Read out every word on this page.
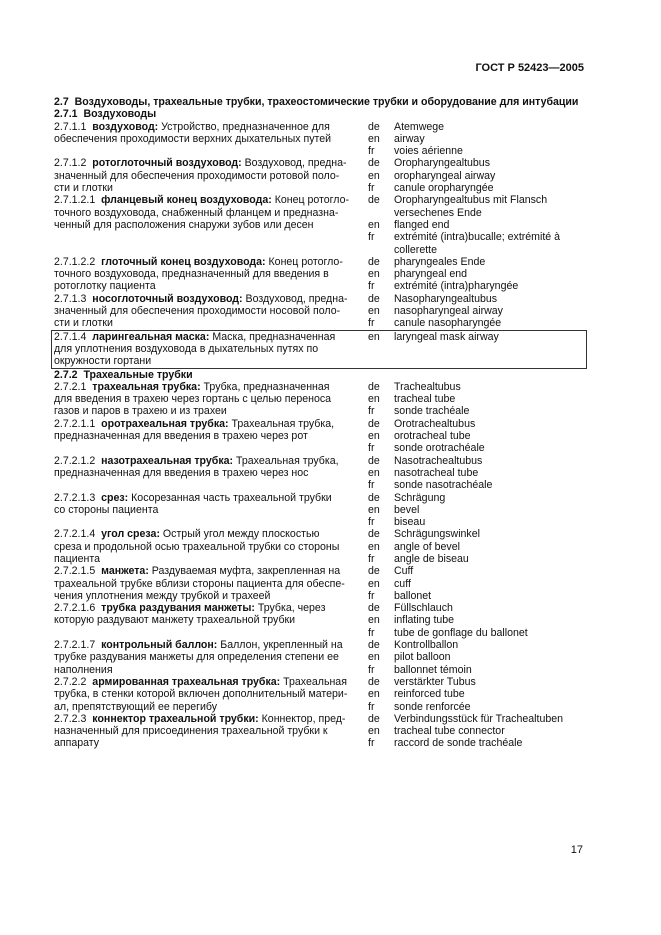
ГОСТ Р 52423—2005
2.7 Воздуховоды, трахеальные трубки, трахеостомические трубки и оборудование для интубации
2.7.1 Воздуховоды
2.7.1.1  воздуховод: Устройство, предназначенное для
обеспечения проходимости верхних дыхательных путей

de	Atemwege
en	airway
fr	voies aérienne
2.7.1.2  ротоглоточный воздуховод: Воздуховод, предна-
значенный для обеспечения проходимости ротовой поло-
сти и глотки
de	Oropharyngealtubus
en	oropharyngeal airway
fr	canule oropharyngée
2.7.1.2.1  фланцевый конец воздуховода: Конец ротогло-
точного воздуховода, снабженный фланцем и предназна-
ченный для расположения снаружи зубов или десен

de	Oropharyngealtubus mit Flansch

verseсhenes Ende
en	flanged end
fr	extrémité (intra)bucalle; extrémité à

collerette
2.7.1.2.2  глоточный конец воздуховода: Конец ротогло-
точного воздуховода, предназначенный для введения в
ротоглотку пациента
de	pharyngeales Ende
en	pharyngeal end
fr	extrémité (intra)pharyngée
2.7.1.3  носоглоточный воздуховод: Воздуховод, предна-
значенный для обеспечения проходимости носовой поло-
сти и глотки
de	Nasopharyngealtubus
en	nasopharyngeal airway
fr	canule nasopharyngée
2.7.1.4  ларингеальная маска: Маска, предназначенная
для уплотнения воздуховода в дыхательных путях по
окружности гортани
en	laryngeal mask airway
2.7.2 Трахеальные трубки
2.7.2.1  трахеальная трубка: Трубка, предназначенная
для введения в трахею через гортань с целью переноса
газов и паров в трахею и из трахеи
de	Trachealtubus
en	tracheal tube
fr	sonde trachéale
2.7.2.1.1  оротрахеальная трубка: Трахеальная трубка,
предназначенная для введения в трахею через рот

de	Orotrachealtubus
en	orotracheal tube
fr	sonde orotrachéale
2.7.2.1.2  назотрахеальная трубка: Трахеальная трубка,
предназначенная для введения в трахею через нос

de	Nasotrachealtubus
en	nasotracheal tube
fr	sonde nasotrachéale
2.7.2.1.3  срез: Косорезанная часть трахеальной трубки
со стороны пациента

de	Schrägung
en	bevel
fr	biseau
2.7.2.1.4  угол среза: Острый угол между плоскостью
среза и продольной осью трахеальной трубки со стороны
пациента
de	Schrägungswinkel
en	angle of bevel
fr	angle de biseau
2.7.2.1.5  манжета: Раздуваемая муфта, закрепленная на
трахеальной трубке вблизи стороны пациента для обеспе-
чения уплотнения между трубкой и трахеей
de	Cuff
en	cuff
fr	ballonet
2.7.2.1.6  трубка раздувания манжеты: Трубка, через
которую раздувают манжету трахеальной трубки

de	Füllschlauch
en	inflating tube
fr	tube de gonflage du ballonet
2.7.2.1.7  контрольный баллон: Баллон, укрепленный на
трубке раздувания манжеты для определения степени ее
наполнения
de	Kontrollballon
en	pilot balloon
fr	ballonnet témoin
2.7.2.2  армированная трахеальная трубка: Трахеальная
трубка, в стенки которой включен дополнительный матери-
ал, препятствующий ее перегибу
de	verstärkter Tubus
en	reinforced tube
fr	sonde renforcée
2.7.2.3  коннектор трахеальной трубки: Коннектор, пред-
назначенный для присоединения трахеальной трубки к
аппарату
de	Verbindungsstück für Trachealtuben
en	tracheal tube connector
fr	raccord de sonde trachéale
17
